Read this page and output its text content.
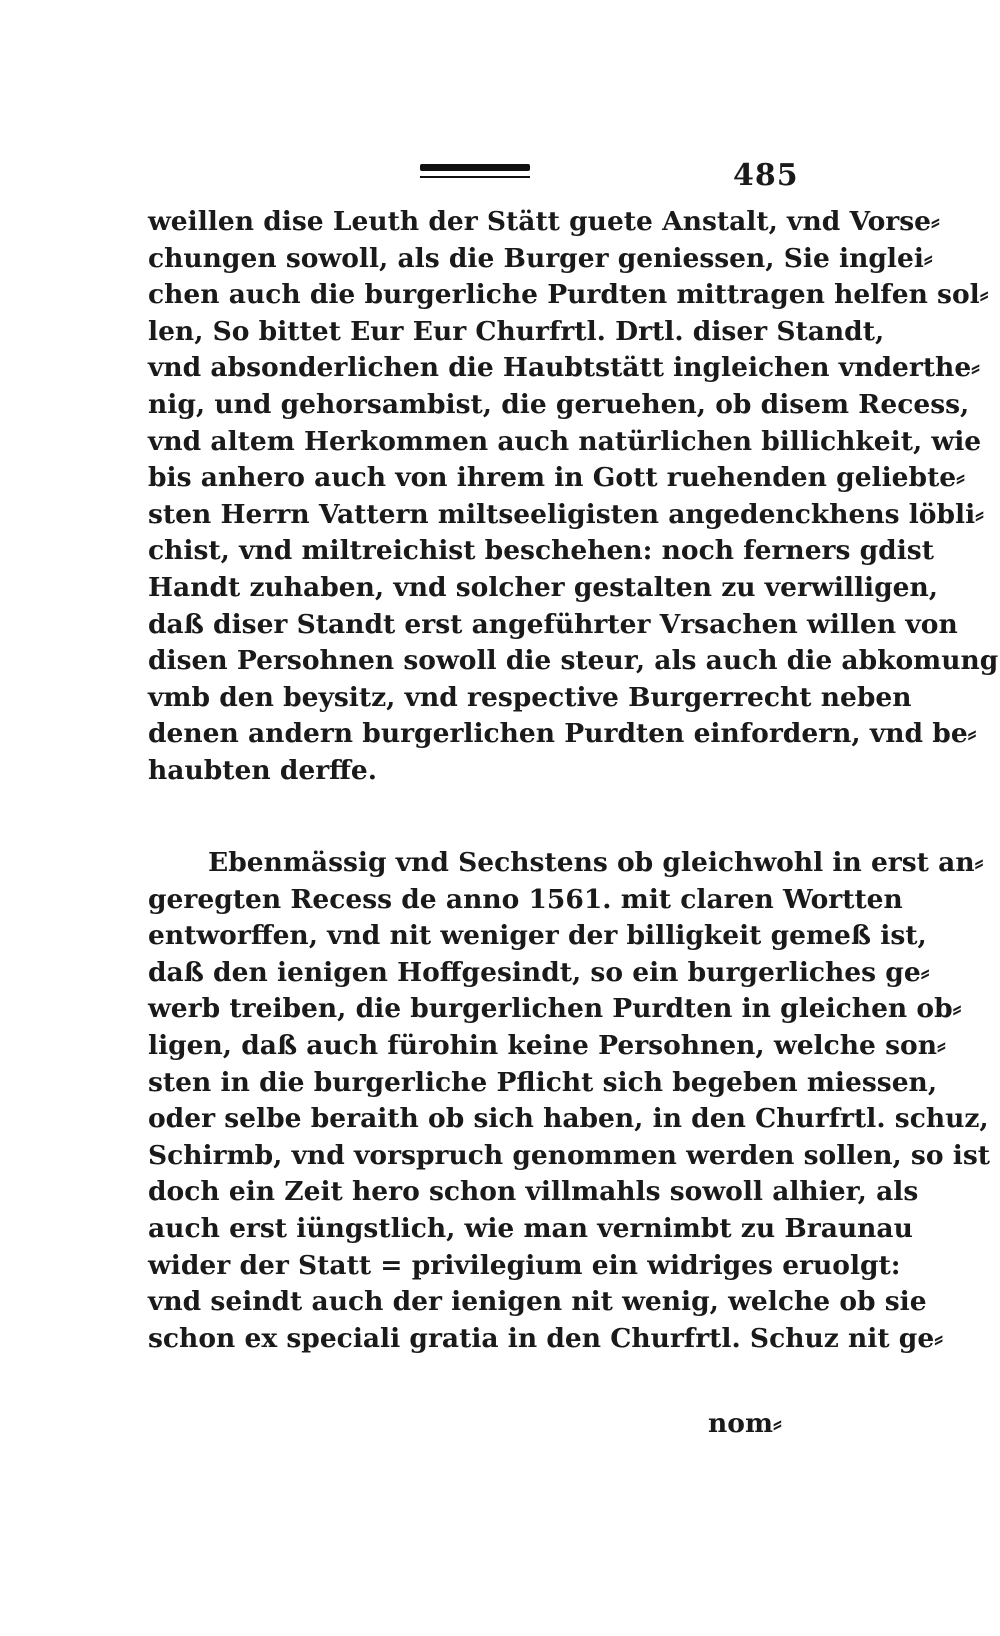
485
weillen dise Leuth der Stätt guete Anstalt, vnd Vorse⸗
chungen sowoll, als die Burger geniessen, Sie inglei⸗
chen auch die burgerliche Purdten mittragen helfen sol⸗
len, So bittet Eur Eur Churfrtl. Drtl. diser Standt,
vnd absonderlichen die Haubtstätt ingleichen vnderthe⸗
nig, und gehorsambist, die geruehen, ob disem Recess,
vnd altem Herkommen auch natürlichen billichkeit, wie
bis anhero auch von ihrem in Gott ruehenden geliebte⸗
sten Herrn Vattern miltseeligisten angedenckhens löbli⸗
chist, vnd miltreichist beschehen: noch ferners gdist
Handt zuhaben, vnd solcher gestalten zu verwilligen,
daß diser Standt erst angeführter Vrsachen willen von
disen Persohnen sowoll die steur, als auch die abkomung
vmb den beysitz, vnd respective Burgerrecht neben
denen andern burgerlichen Purdten einfordern, vnd be⸗
haubten derffe.
Ebenmässig vnd Sechstens ob gleichwohl in erst an⸗
geregten Recess de anno 1561. mit claren Wortten
entworffen, vnd nit weniger der billigkeit gemeß ist,
daß den ienigen Hoffgesindt, so ein burgerliches ge⸗
werb treiben, die burgerlichen Purdten in gleichen ob⸗
ligen, daß auch fürohin keine Persohnen, welche son⸗
sten in die burgerliche Pflicht sich begeben miessen,
oder selbe beraith ob sich haben, in den Churfrtl. schuz,
Schirmb, vnd vorspruch genommen werden sollen, so ist
doch ein Zeit hero schon villmahls sowoll alhier, als
auch erst iüngstlich, wie man vernimbt zu Braunau
wider der Statt = privilegium ein widriges eruolgt:
vnd seindt auch der ienigen nit wenig, welche ob sie
schon ex speciali gratia in den Churfrtl. Schuz nit ge⸗
nom⸗
